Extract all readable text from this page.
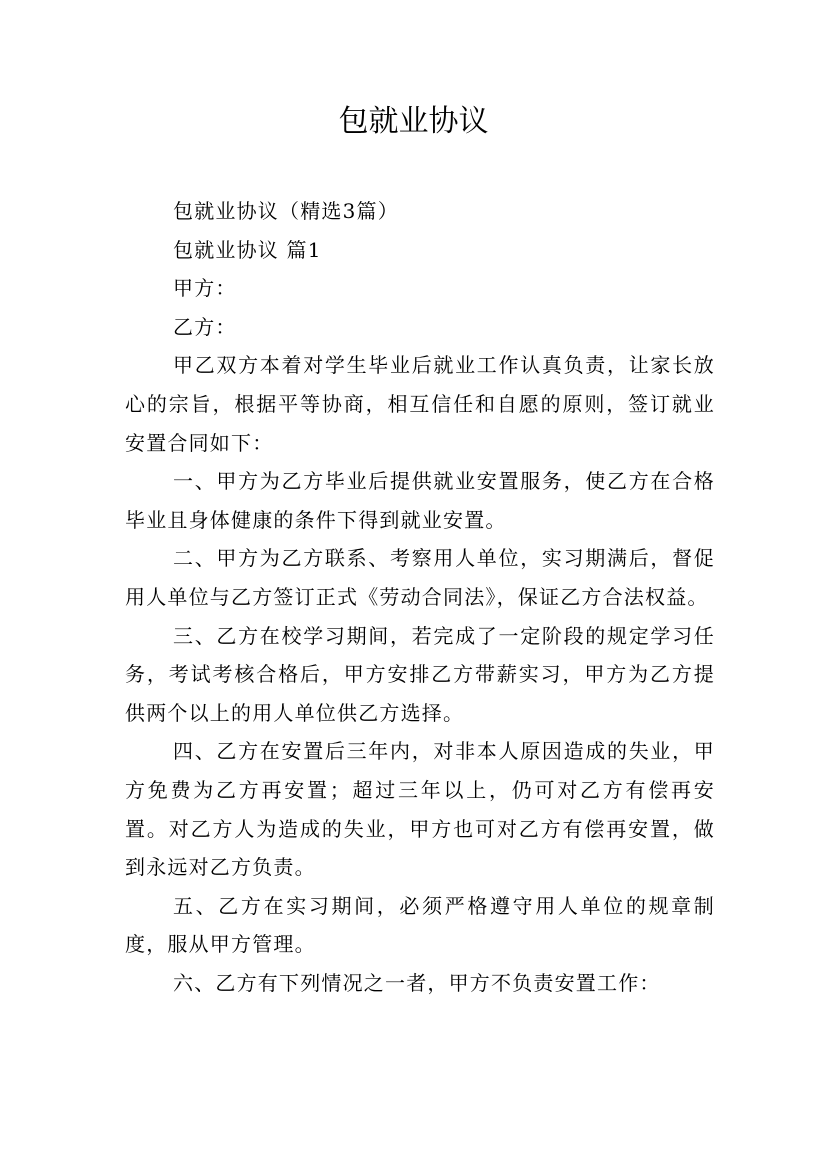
包就业协议

包就业协议（精选3篇）

包就业协议 篇1

甲方：

乙方：

甲乙双方本着对学生毕业后就业工作认真负责，让家长放心的宗旨，根据平等协商，相互信任和自愿的原则，签订就业安置合同如下：

一、甲方为乙方毕业后提供就业安置服务，使乙方在合格毕业且身体健康的条件下得到就业安置。

二、甲方为乙方联系、考察用人单位，实习期满后，督促用人单位与乙方签订正式《劳动合同法》，保证乙方合法权益。

三、乙方在校学习期间，若完成了一定阶段的规定学习任务，考试考核合格后，甲方安排乙方带薪实习，甲方为乙方提供两个以上的用人单位供乙方选择。

四、乙方在安置后三年内，对非本人原因造成的失业，甲方免费为乙方再安置；超过三年以上，仍可对乙方有偿再安置。对乙方人为造成的失业，甲方也可对乙方有偿再安置，做到永远对乙方负责。

五、乙方在实习期间，必须严格遵守用人单位的规章制度，服从甲方管理。

六、乙方有下列情况之一者，甲方不负责安置工作：
